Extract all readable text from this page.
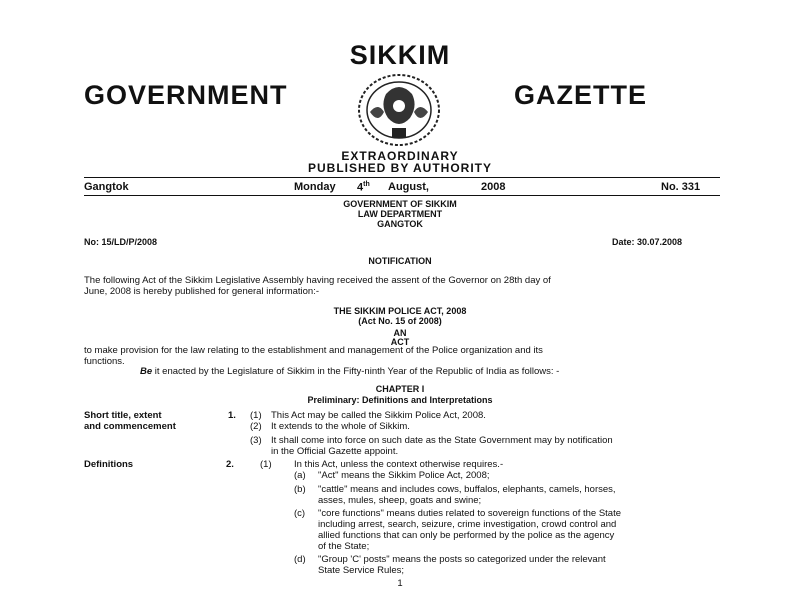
SIKKIM
GOVERNMENT	GAZETTE
EXTRAORDINARY
PUBLISHED BY AUTHORITY
Gangtok	Monday 4th August,	2008	No. 331
GOVERNMENT OF SIKKIM
LAW DEPARTMENT
GANGTOK
No: 15/LD/P/2008	Date: 30.07.2008
NOTIFICATION
The following Act of the Sikkim Legislative Assembly having received the assent of the Governor on 28th day of
June, 2008 is hereby published for general information:-
THE SIKKIM POLICE ACT, 2008
(Act No. 15 of 2008)
AN
ACT
to make provision for the law relating to the establishment and management of the Police organization and its
functions.
Be it enacted by the Legislature of Sikkim in the Fifty-ninth Year of the Republic of India as follows: -
CHAPTER I
Preliminary: Definitions and Interpretations
Short title, extent
and commencement
1. (1) This Act may be called the Sikkim Police Act, 2008.
(2) It extends to the whole of Sikkim.
(3) It shall come into force on such date as the State Government may by notification
in the Official Gazette appoint.
Definitions	2.	(1) In this Act, unless the context otherwise requires.-
(a) "Act" means the Sikkim Police Act, 2008;
(b) "cattle" means and includes cows, buffalos, elephants, camels, horses,
asses, mules, sheep, goats and swine;
(c) "core functions" means duties related to sovereign functions of the State
including arrest, search, seizure, crime investigation, crowd control and
allied functions that can only be performed by the police as the agency
of the State;
(d) "Group 'C' posts" means the posts so categorized under the relevant
State Service Rules;
1
